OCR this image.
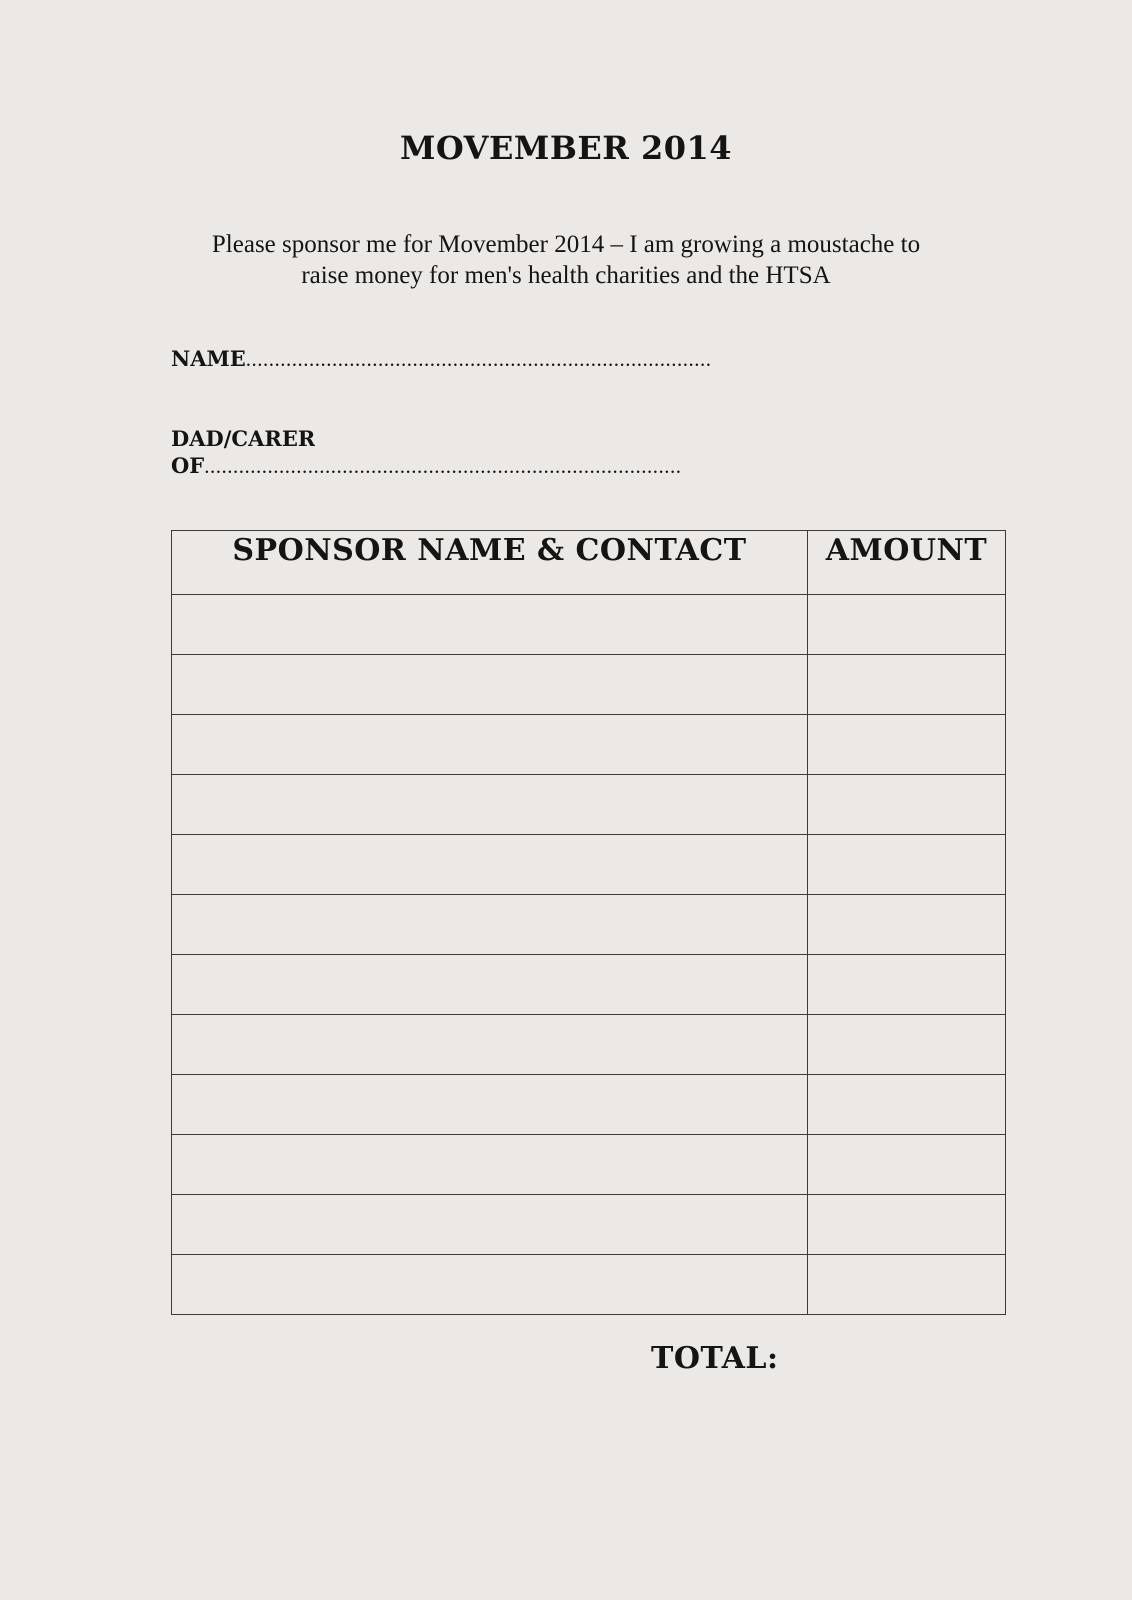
MOVEMBER 2014
Please sponsor me for Movember 2014 – I am growing a moustache to
raise money for men's health charities and the HTSA
NAME.................................................................................
DAD/CARER
OF...................................................................................
SPONSOR NAME & CONTACT	AMOUNT

TOTAL:
